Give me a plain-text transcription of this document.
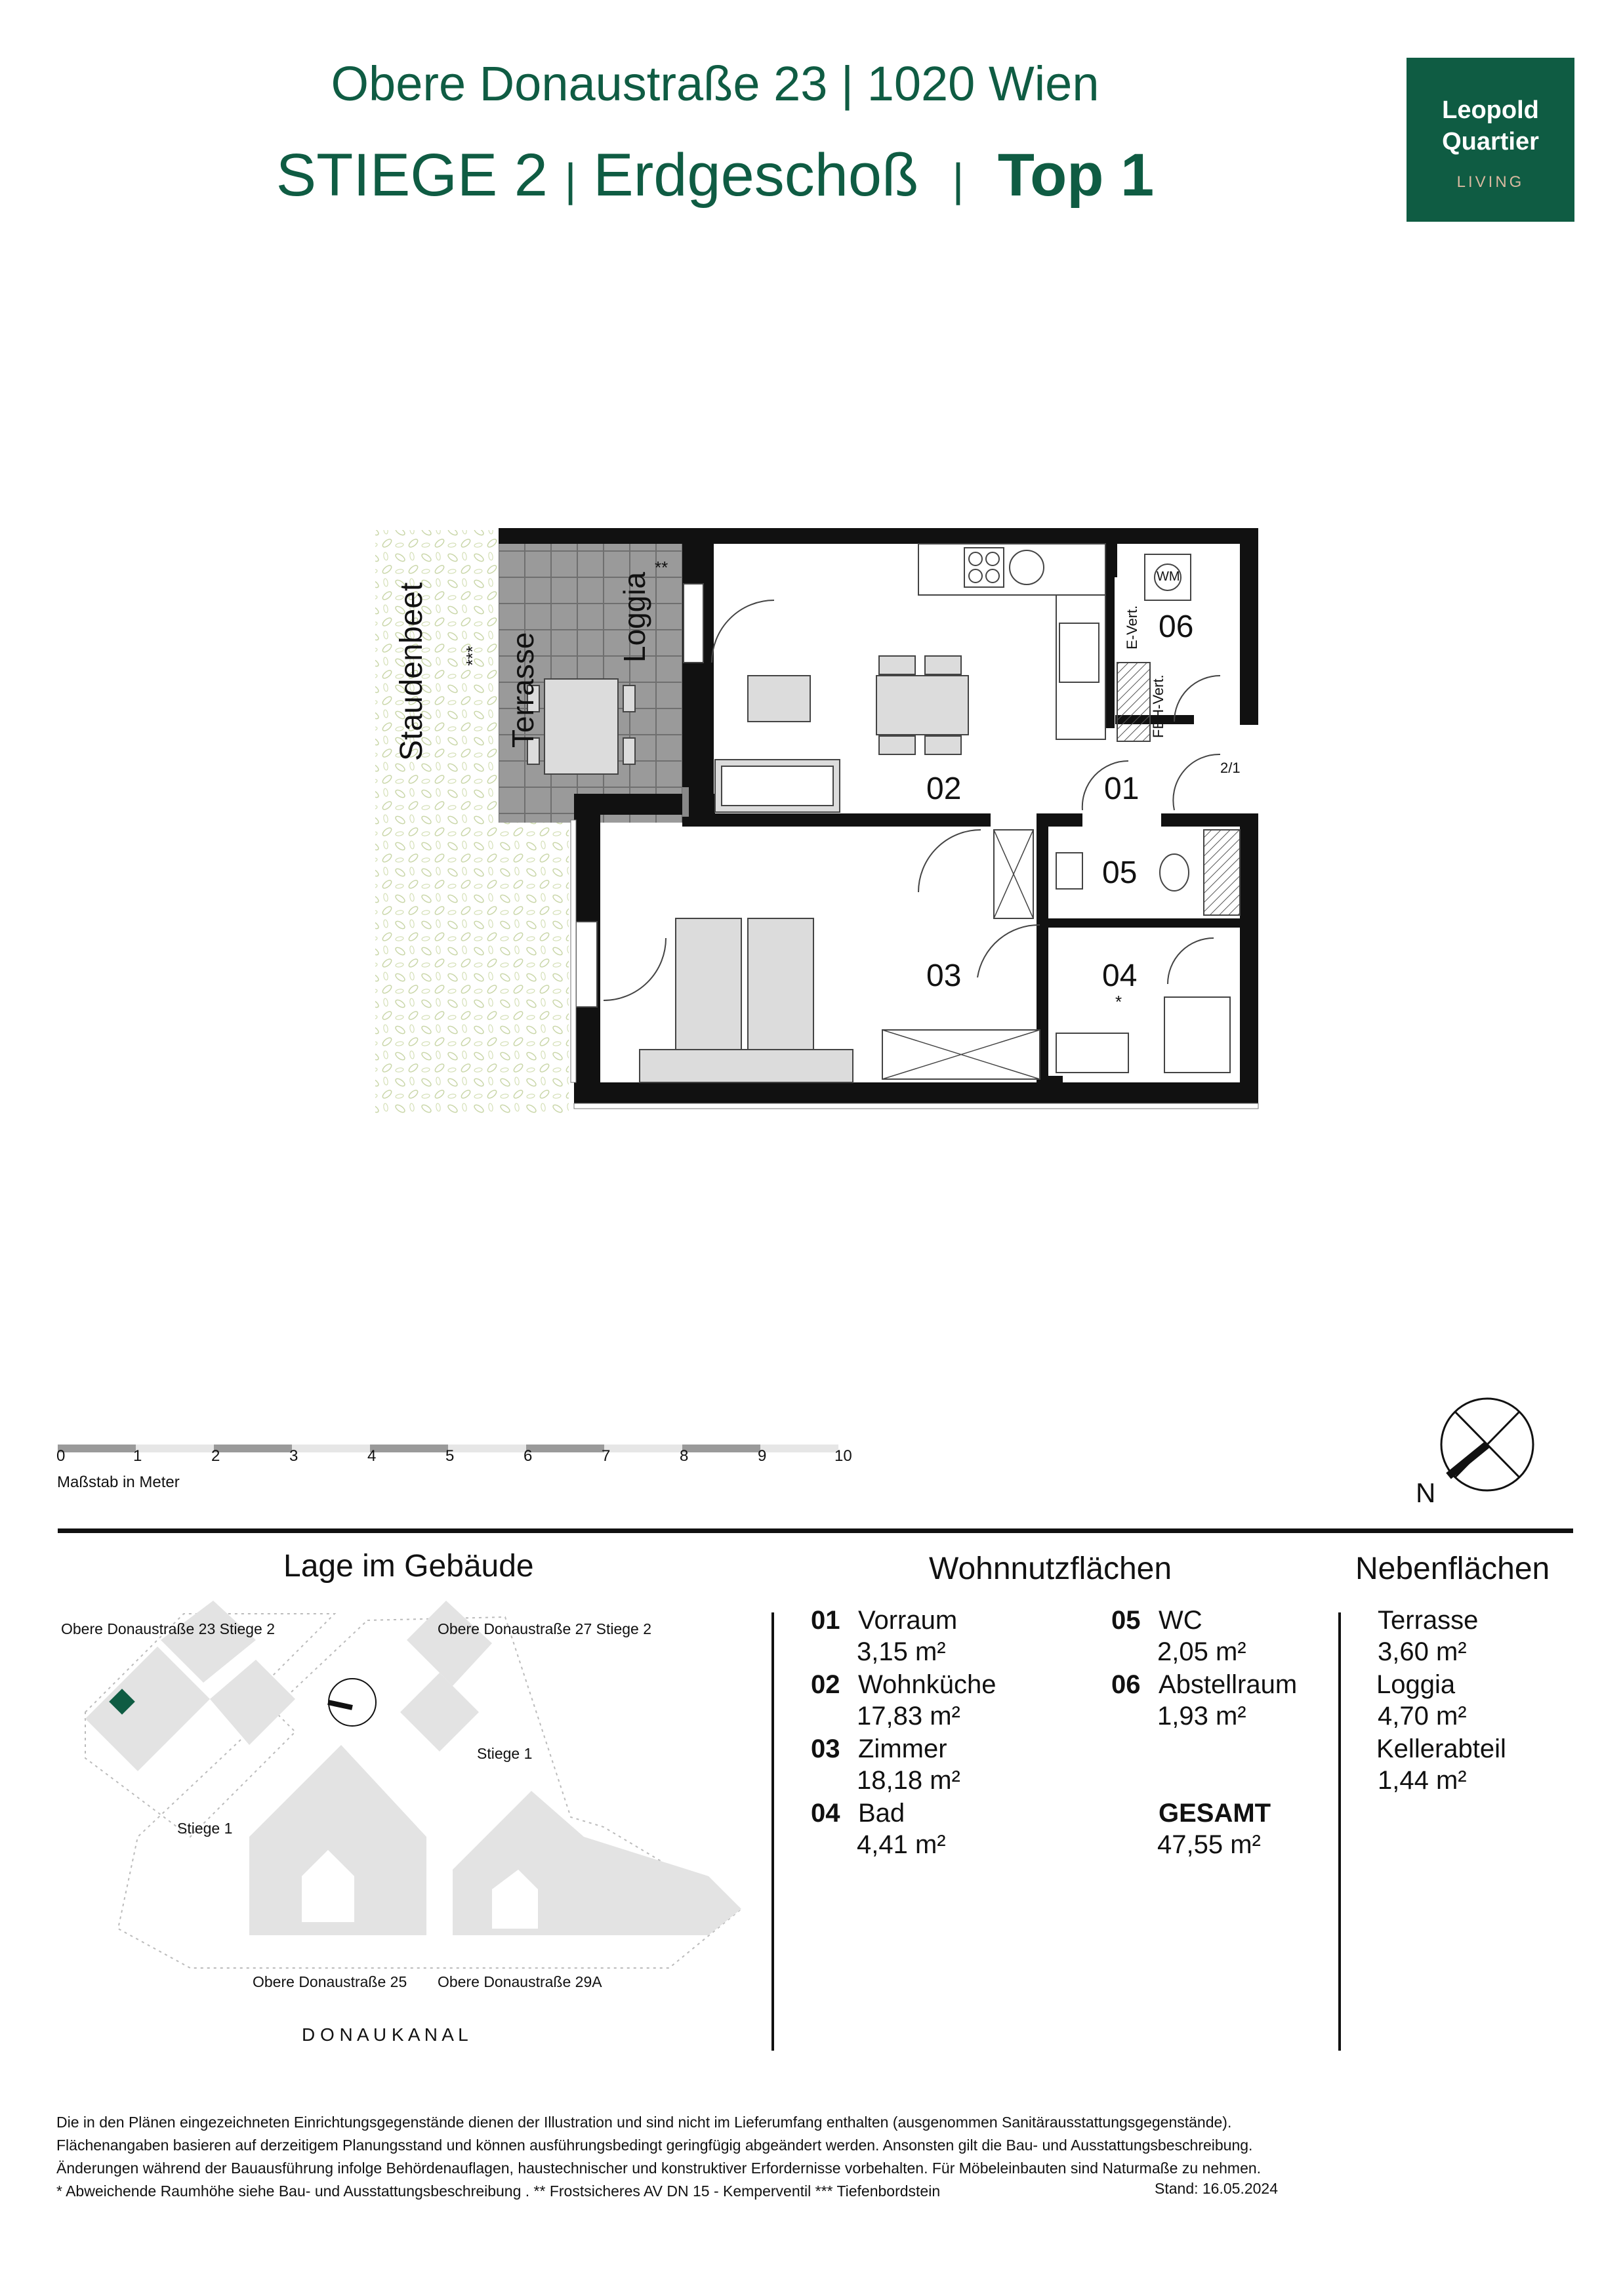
Obere Donaustraße 23 | 1020 Wien
STIEGE 2 | Erdgeschoß | Top 1
Leopold
Quartier
LIVING
Staudenbeet	Terrasse
Loggia
***
**
*
WM
E-Vert.
FBH-Vert.
2/1
01
02
03	04
05
06
0	1	2	3	4	5	6	7	8	9	10
Maßstab in Meter	N
Lage im Gebäude
Obere Donaustraße 23 Stiege 2	Obere Donaustraße 27 Stiege 2
Stiege 1
Stiege 1
Obere Donaustraße 25 Obere Donaustraße 29A
D O N A U K A N A L
Wohnnutzflächen
01 Vorraum
3,15 m²
02 Wohnküche
17,83 m²
03 Zimmer
18,18 m²
04 Bad
4,41 m²
05 WC
2,05 m²
06 Abstellraum
1,93 m²
GESAMT
47,55 m²
Nebenflächen
Terrasse
3,60 m²
Loggia
4,70 m²
Kellerabteil
1,44 m²
Die in den Plänen eingezeichneten Einrichtungsgegenstände dienen der Illustration und sind nicht im Lieferumfang enthalten (ausgenommen Sanitärausstattungsgegenstände).
Flächenangaben basieren auf derzeitigem Planungsstand und können ausführungsbedingt geringfügig abgeändert werden. Ansonsten gilt die Bau- und Ausstattungsbeschreibung.
Änderungen während der Bauausführung infolge Behördenauflagen, haustechnischer und konstruktiver Erfordernisse vorbehalten. Für Möbeleinbauten sind Naturmaße zu nehmen.
* Abweichende Raumhöhe siehe Bau- und Ausstattungsbeschreibung . ** Frostsicheres AV DN 15 - Kemperventil *** Tiefenbordstein	Stand: 16.05.2024
